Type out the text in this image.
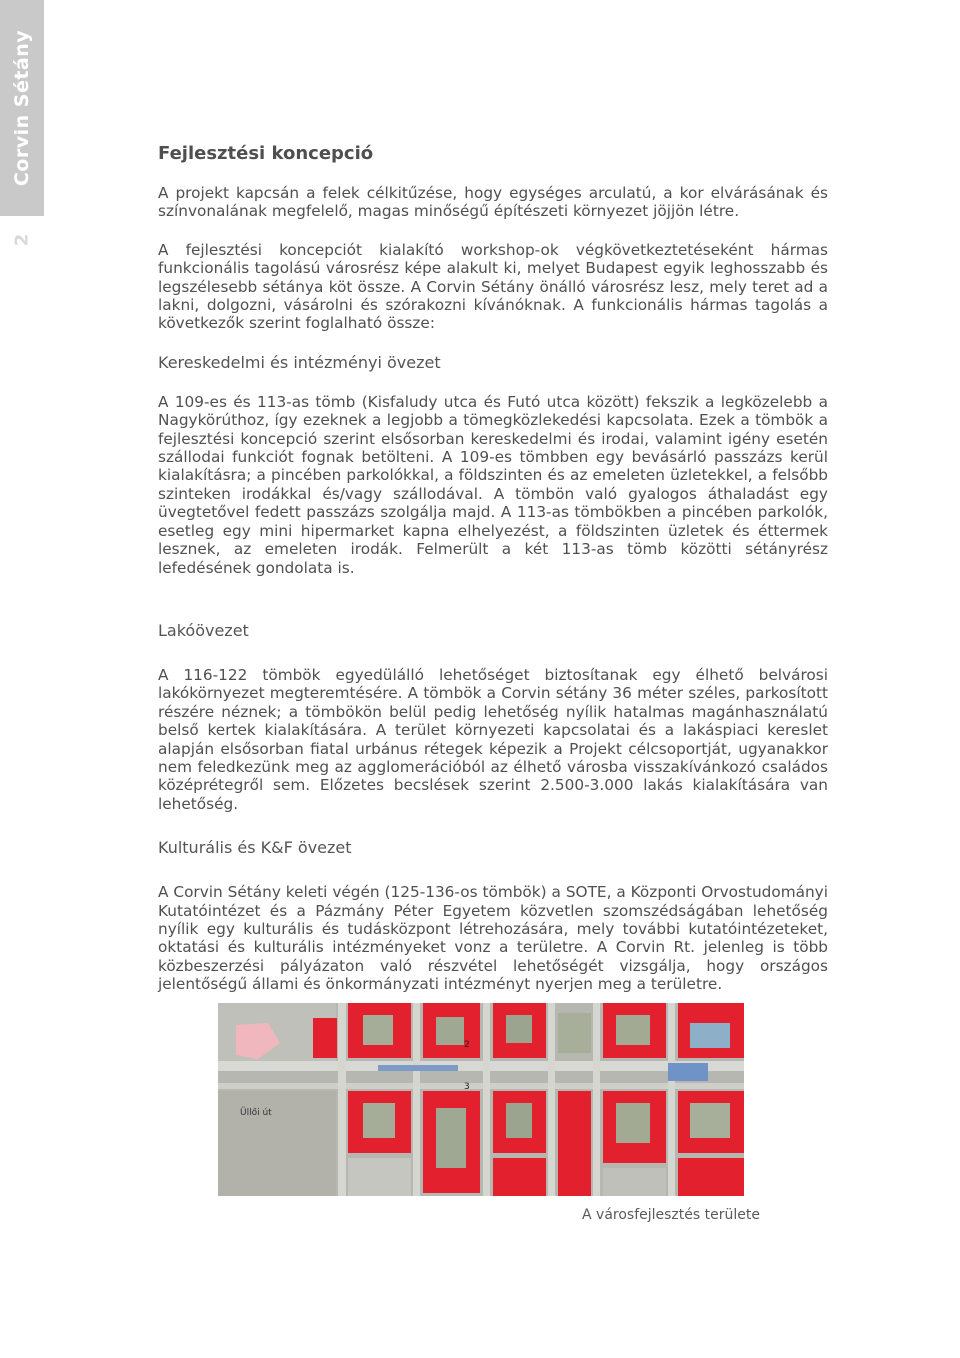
Corvin Sétány
2
Fejlesztési koncepció

A projekt kapcsán a felek célkitűzése, hogy egységes arculatú, a kor elvárásának és színvonalának megfelelő, magas minőségű építészeti környezet jöjjön létre.

A fejlesztési koncepciót kialakító workshop-ok végkövetkeztetéseként hármas funkcionális tagolású városrész képe alakult ki, melyet Budapest egyik leghosszabb és legszélesebb sétánya köt össze. A Corvin Sétány önálló városrész lesz, mely teret ad a lakni, dolgozni, vásárolni és szórakozni kívánóknak. A funkcionális hármas tagolás a következők szerint foglalható össze:

Kereskedelmi és intézményi övezet

A 109-es és 113-as tömb (Kisfaludy utca és Futó utca között) fekszik a legközelebb a Nagykörúthoz, így ezeknek a legjobb a tömegközlekedési kapcsolata. Ezek a tömbök a fejlesztési koncepció szerint elsősorban kereskedelmi és irodai, valamint igény esetén szállodai funkciót fognak betölteni. A 109-es tömbben egy bevásárló passzázs kerül kialakításra; a pincében parkolókkal, a földszinten és az emeleten üzletekkel, a felsőbb szinteken irodákkal és/vagy szállodával. A tömbön való gyalogos áthaladást egy üvegtetővel fedett passzázs szolgálja majd. A 113-as tömbökben a pincében parkolók, esetleg egy mini hipermarket kapna elhelyezést, a földszinten üzletek és éttermek lesznek, az emeleten irodák. Felmerült a két 113-as tömb közötti sétányrész lefedésének gondolata is.

Lakóövezet

A 116-122 tömbök egyedülálló lehetőséget biztosítanak egy élhető belvárosi lakókörnyezet megteremtésére. A tömbök a Corvin sétány 36 méter széles, parkosított részére néznek; a tömbökön belül pedig lehetőség nyílik hatalmas magánhasználatú belső kertek kialakítására. A terület környezeti kapcsolatai és a lakáspiaci kereslet alapján elsősorban fiatal urbánus rétegek képezik a Projekt célcsoportját, ugyanakkor nem feledkezünk meg az agglomerációból az élhető városba visszakívánkozó családos középrétegről sem. Előzetes becslések szerint 2.500-3.000 lakás kialakítására van lehetőség.

Kulturális és K&F övezet

A Corvin Sétány keleti végén (125-136-os tömbök) a SOTE, a Központi Orvostudományi Kutatóintézet és a Pázmány Péter Egyetem közvetlen szomszédságában lehetőség nyílik egy kulturális és tudásközpont létrehozására, mely további kutatóintézeteket, oktatási és kulturális intézményeket vonz a területre. A Corvin Rt. jelenleg is több közbeszerzési pályázaton való részvétel lehetőségét vizsgálja, hogy országos jelentőségű állami és önkormányzati intézményt nyerjen meg a területre.

Üllői út
2
3
A városfejlesztés területe
